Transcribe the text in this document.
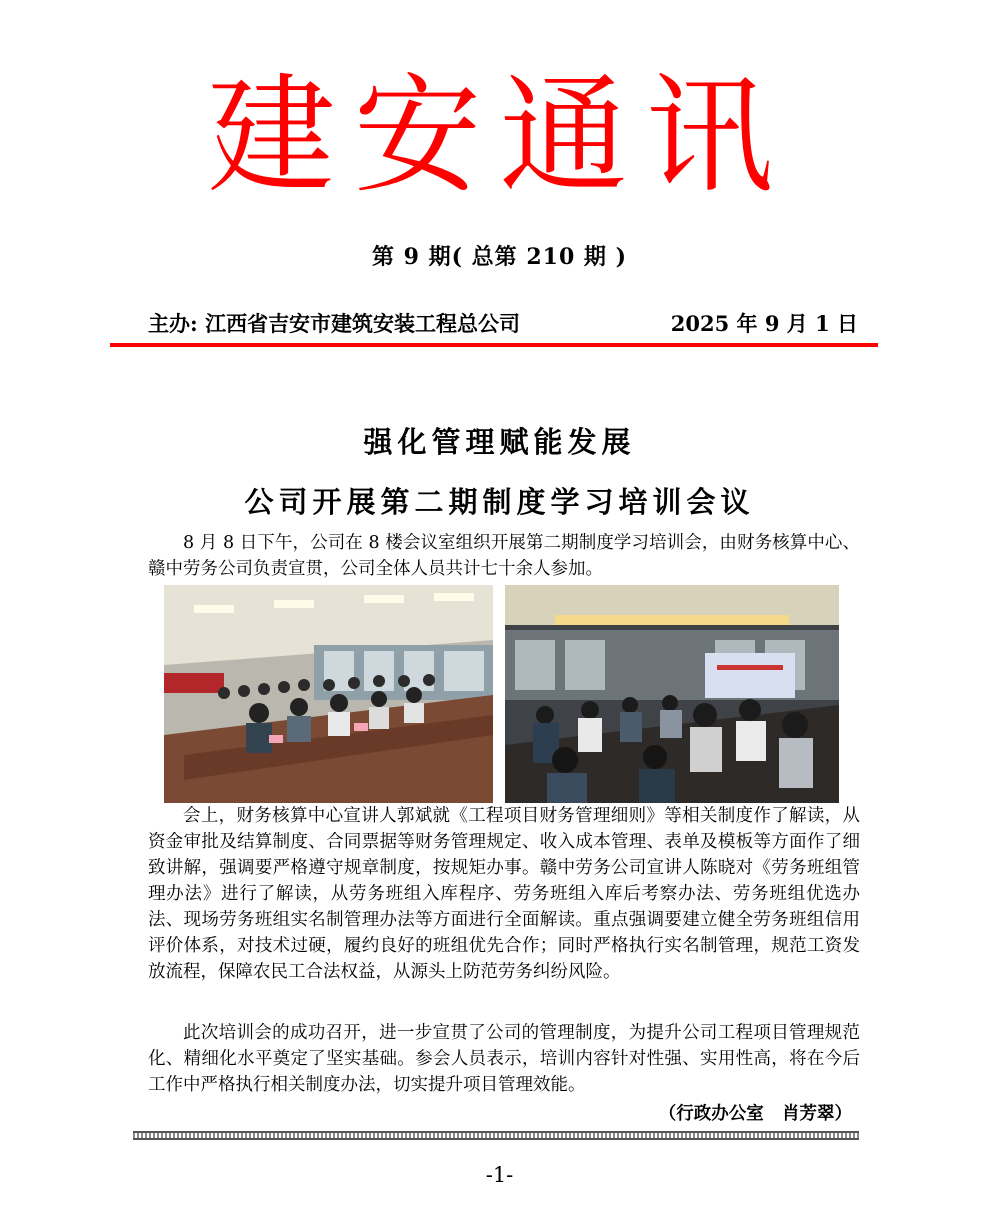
建安通讯
第 9 期( 总第 210 期 )
主办: 江西省吉安市建筑安装工程总公司	2025 年 9 月 1 日
强化管理赋能发展
公司开展第二期制度学习培训会议
8 月 8 日下午，公司在 8 楼会议室组织开展第二期制度学习培训会，由财务核算中心、赣中劳务公司负责宣贯，公司全体人员共计七十余人参加。
会上，财务核算中心宣讲人郭斌就《工程项目财务管理细则》等相关制度作了解读，从资金审批及结算制度、合同票据等财务管理规定、收入成本管理、表单及模板等方面作了细致讲解，强调要严格遵守规章制度，按规矩办事。赣中劳务公司宣讲人陈晓对《劳务班组管理办法》进行了解读，从劳务班组入库程序、劳务班组入库后考察办法、劳务班组优选办法、现场劳务班组实名制管理办法等方面进行全面解读。重点强调要建立健全劳务班组信用评价体系，对技术过硬，履约良好的班组优先合作；同时严格执行实名制管理，规范工资发放流程，保障农民工合法权益，从源头上防范劳务纠纷风险。
此次培训会的成功召开，进一步宣贯了公司的管理制度，为提升公司工程项目管理规范化、精细化水平奠定了坚实基础。参会人员表示，培训内容针对性强、实用性高，将在今后工作中严格执行相关制度办法，切实提升项目管理效能。
（行政办公室   肖芳翠）
-1-
